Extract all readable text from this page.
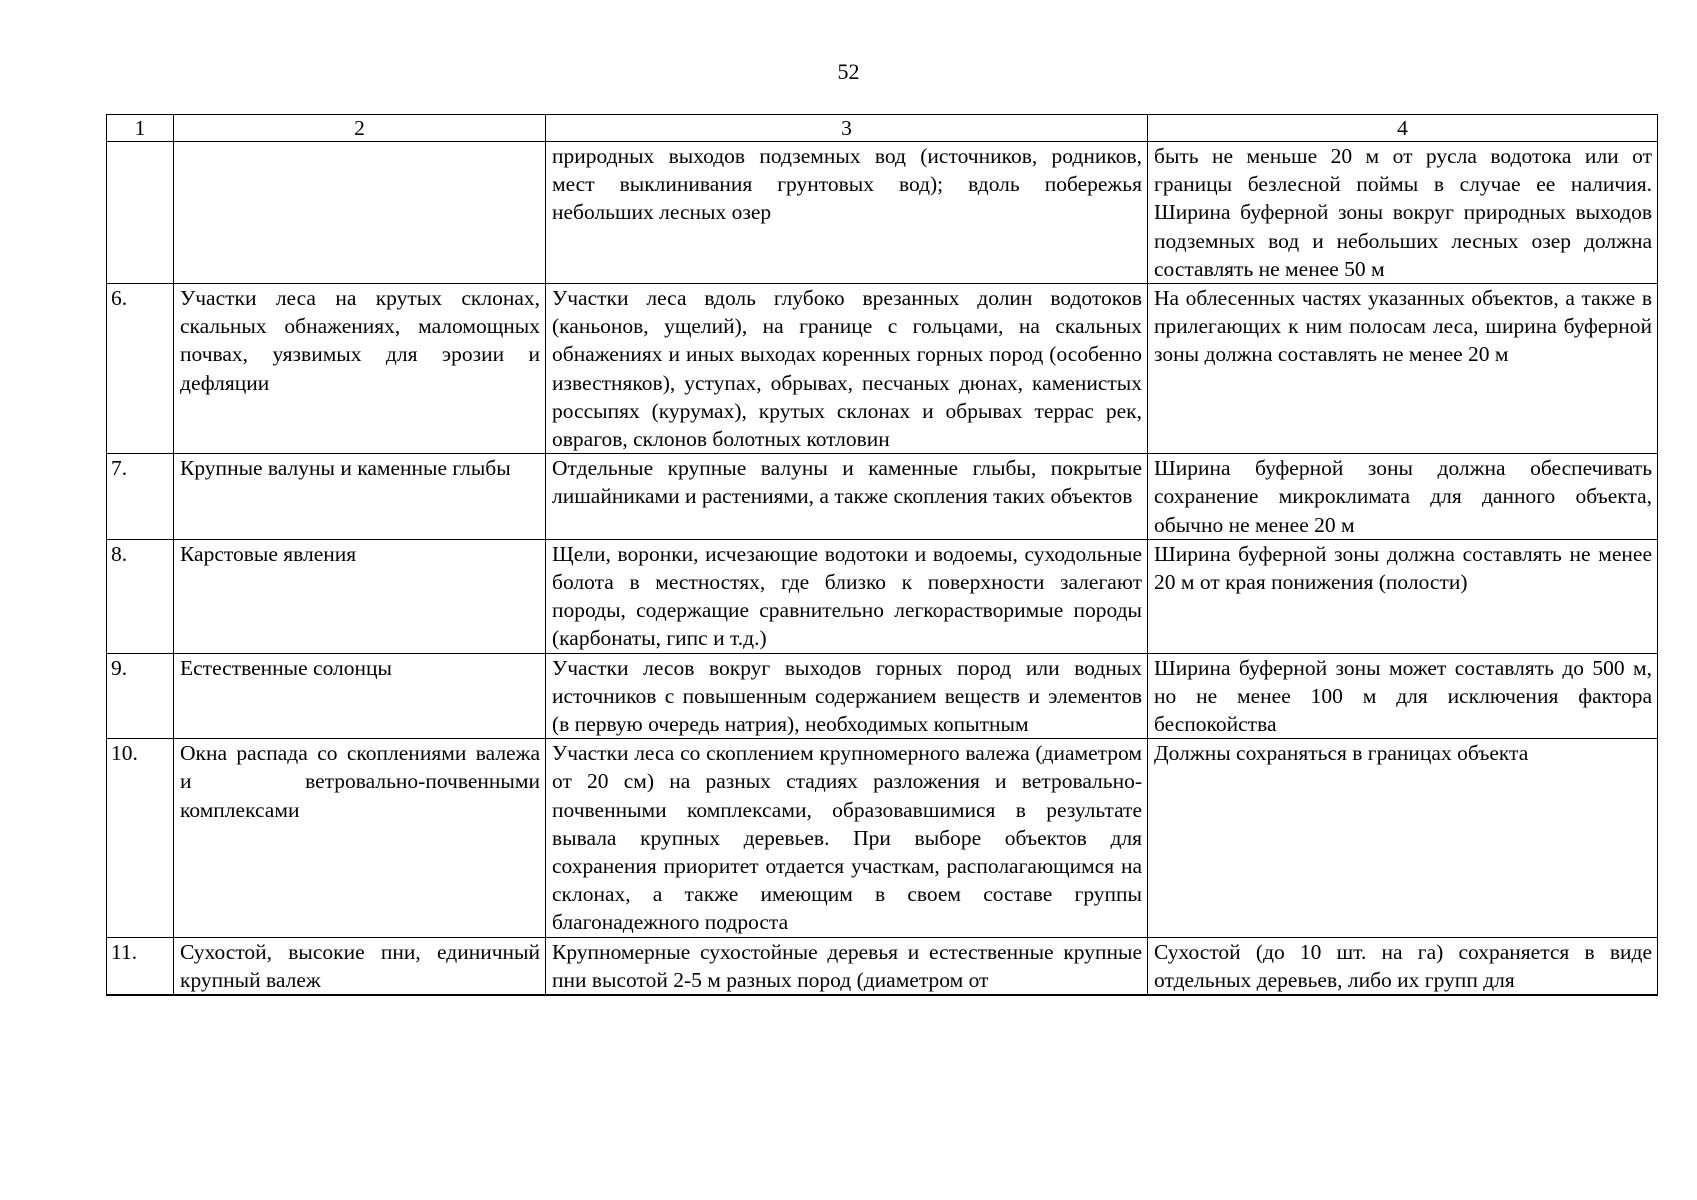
52
1	2	3	4
		природных выходов подземных вод (источников, родников, мест выклинивания грунтовых вод); вдоль побережья небольших лесных озер	быть не меньше 20 м от русла водотока или от границы безлесной поймы в случае ее наличия. Ширина буферной зоны вокруг природных выходов подземных вод и небольших лесных озер должна составлять не менее 50 м
6.	Участки леса на крутых склонах, скальных обнажениях, маломощных почвах, уязвимых для эрозии и дефляции	Участки леса вдоль глубоко врезанных долин водотоков (каньонов, ущелий), на границе с гольцами, на скальных обнажениях и иных выходах коренных горных пород (особенно известняков), уступах, обрывах, песчаных дюнах, каменистых россыпях (курумах), крутых склонах и обрывах террас рек, оврагов, склонов болотных котловин	На облесенных частях указанных объектов, а также в прилегающих к ним полосам леса, ширина буферной зоны должна составлять не менее 20 м
7.	Крупные валуны и каменные глыбы	Отдельные крупные валуны и каменные глыбы, покрытые лишайниками и растениями, а также скопления таких объектов	Ширина буферной зоны должна обеспечивать сохранение микроклимата для данного объекта, обычно не менее 20 м
8.	Карстовые явления	Щели, воронки, исчезающие водотоки и водоемы, суходольные болота в местностях, где близко к поверхности залегают породы, содержащие сравнительно легкорастворимые породы (карбонаты, гипс и т.д.)	Ширина буферной зоны должна составлять не менее 20 м от края понижения (полости)
9.	Естественные солонцы	Участки лесов вокруг выходов горных пород или водных источников с повышенным содержанием веществ и элементов (в первую очередь натрия), необходимых копытным	Ширина буферной зоны может составлять до 500 м, но не менее 100 м для исключения фактора беспокойства
10.	Окна распада со скоплениями валежа и ветровально-почвенными комплексами	Участки леса со скоплением крупномерного валежа (диаметром от 20 см) на разных стадиях разложения и ветровально-почвенными комплексами, образовавшимися в результате вывала крупных деревьев. При выборе объектов для сохранения приоритет отдается участкам, располагающимся на склонах, а также имеющим в своем составе группы благонадежного подроста	Должны сохраняться в границах объекта
11.	Сухостой, высокие пни, единичный крупный валеж	Крупномерные сухостойные деревья и естественные крупные пни высотой 2-5 м разных пород (диаметром от	Сухостой (до 10 шт. на га) сохраняется в виде отдельных деревьев, либо их групп для
